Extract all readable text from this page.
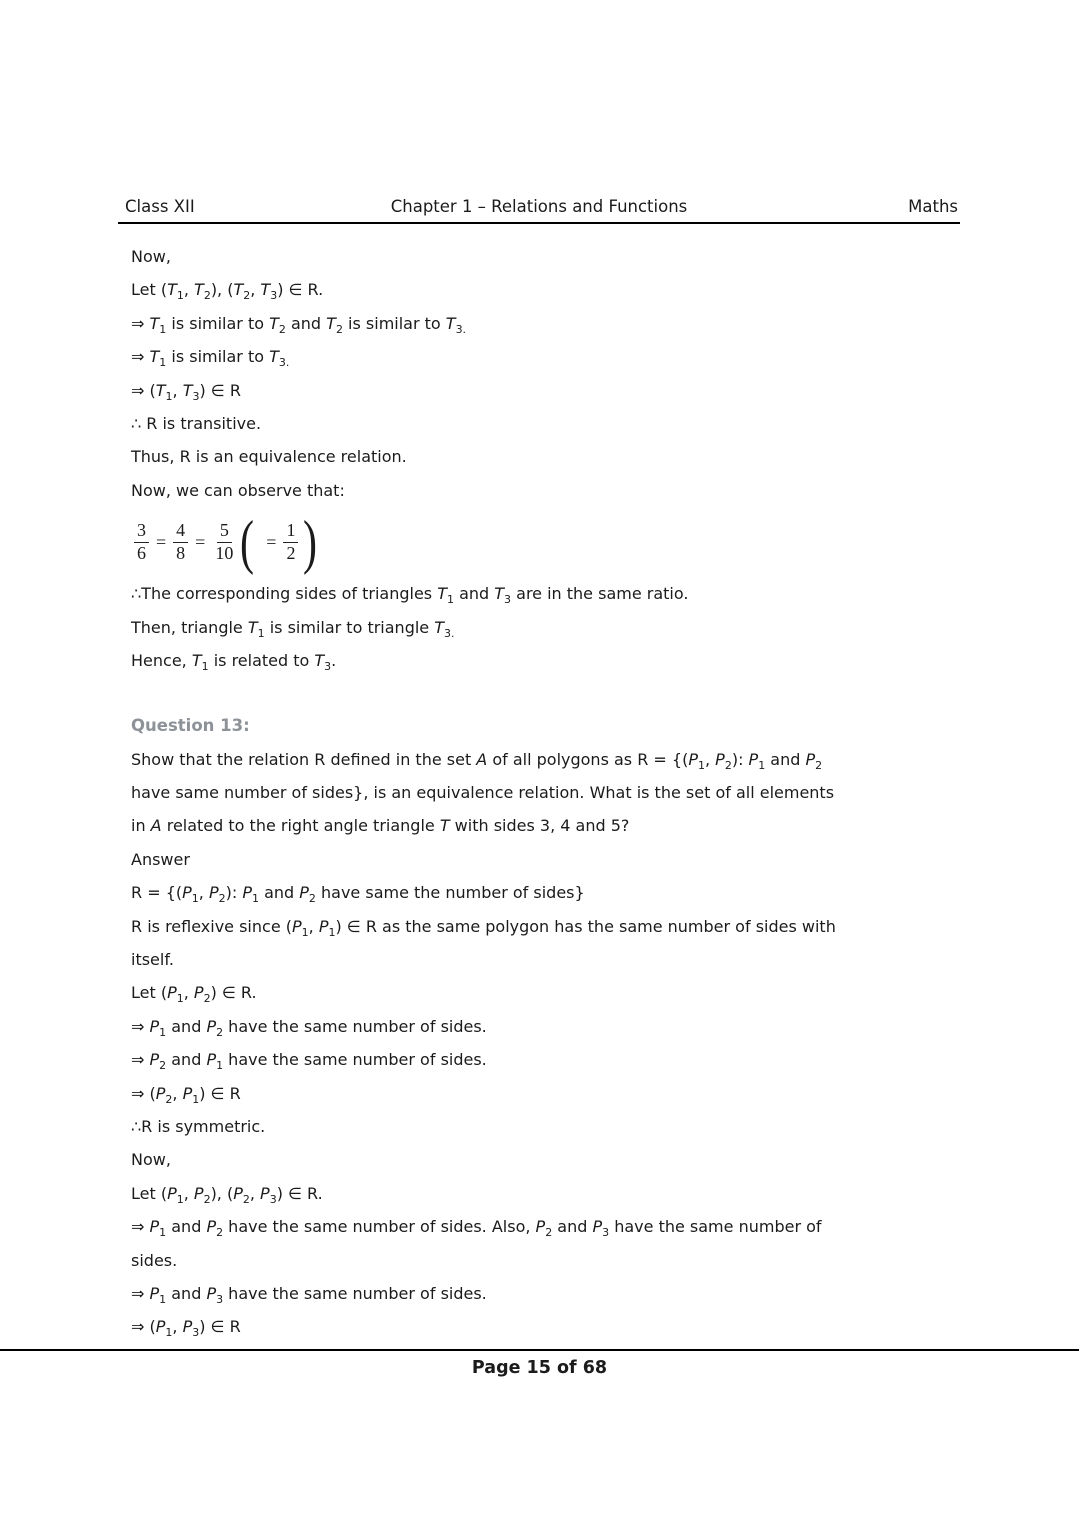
Class XII	Chapter 1 – Relations and Functions	Maths
Now,
Let ($T_1$, $T_2$), ($T_2$, $T_3$) ∈ R.
⇒ $T_1$ is similar to $T_2$ and $T_2$ is similar to $T_{3.}$
⇒ $T_1$ is similar to $T_{3.}$
⇒ ($T_1$, $T_3$) ∈ R
∴ R is transitive.
Thus, R is an equivalence relation.
Now, we can observe that:
$\frac{3}{6} = \frac{4}{8} = \frac{5}{10}$ ( = $\frac{1}{2}$ )
∴The corresponding sides of triangles $T_1$ and $T_3$ are in the same ratio.
Then, triangle $T_1$ is similar to triangle $T_{3.}$
Hence, $T_1$ is related to $T_3$.
Question 13:
Show that the relation R defined in the set A of all polygons as $R = \{(P_1$, $P_2$): $P_1$ and $P_2$
have same number of sides}, is an equivalence relation. What is the set of all elements
in A related to the right angle triangle T with sides 3, 4 and 5?
Answer
$R = \{(P_1$, $P_2$): $P_1$ and $P_2$ have same the number of sides}
R is reflexive since ($P_1$, $P_1$) ∈ R as the same polygon has the same number of sides with
itself.
Let ($P_1$, $P_2$) ∈ R.
⇒ $P_1$ and $P_2$ have the same number of sides.
⇒ $P_2$ and $P_1$ have the same number of sides.
⇒ ($P_2$, $P_1$) ∈ R
∴R is symmetric.
Now,
Let ($P_1$, $P_2$), ($P_2$, $P_3$) ∈ R.
⇒ $P_1$ and $P_2$ have the same number of sides. Also, $P_2$ and $P_3$ have the same number of
sides.
⇒ $P_1$ and $P_3$ have the same number of sides.
⇒ ($P_1$, $P_3$) ∈ R
Page 15 of 68
